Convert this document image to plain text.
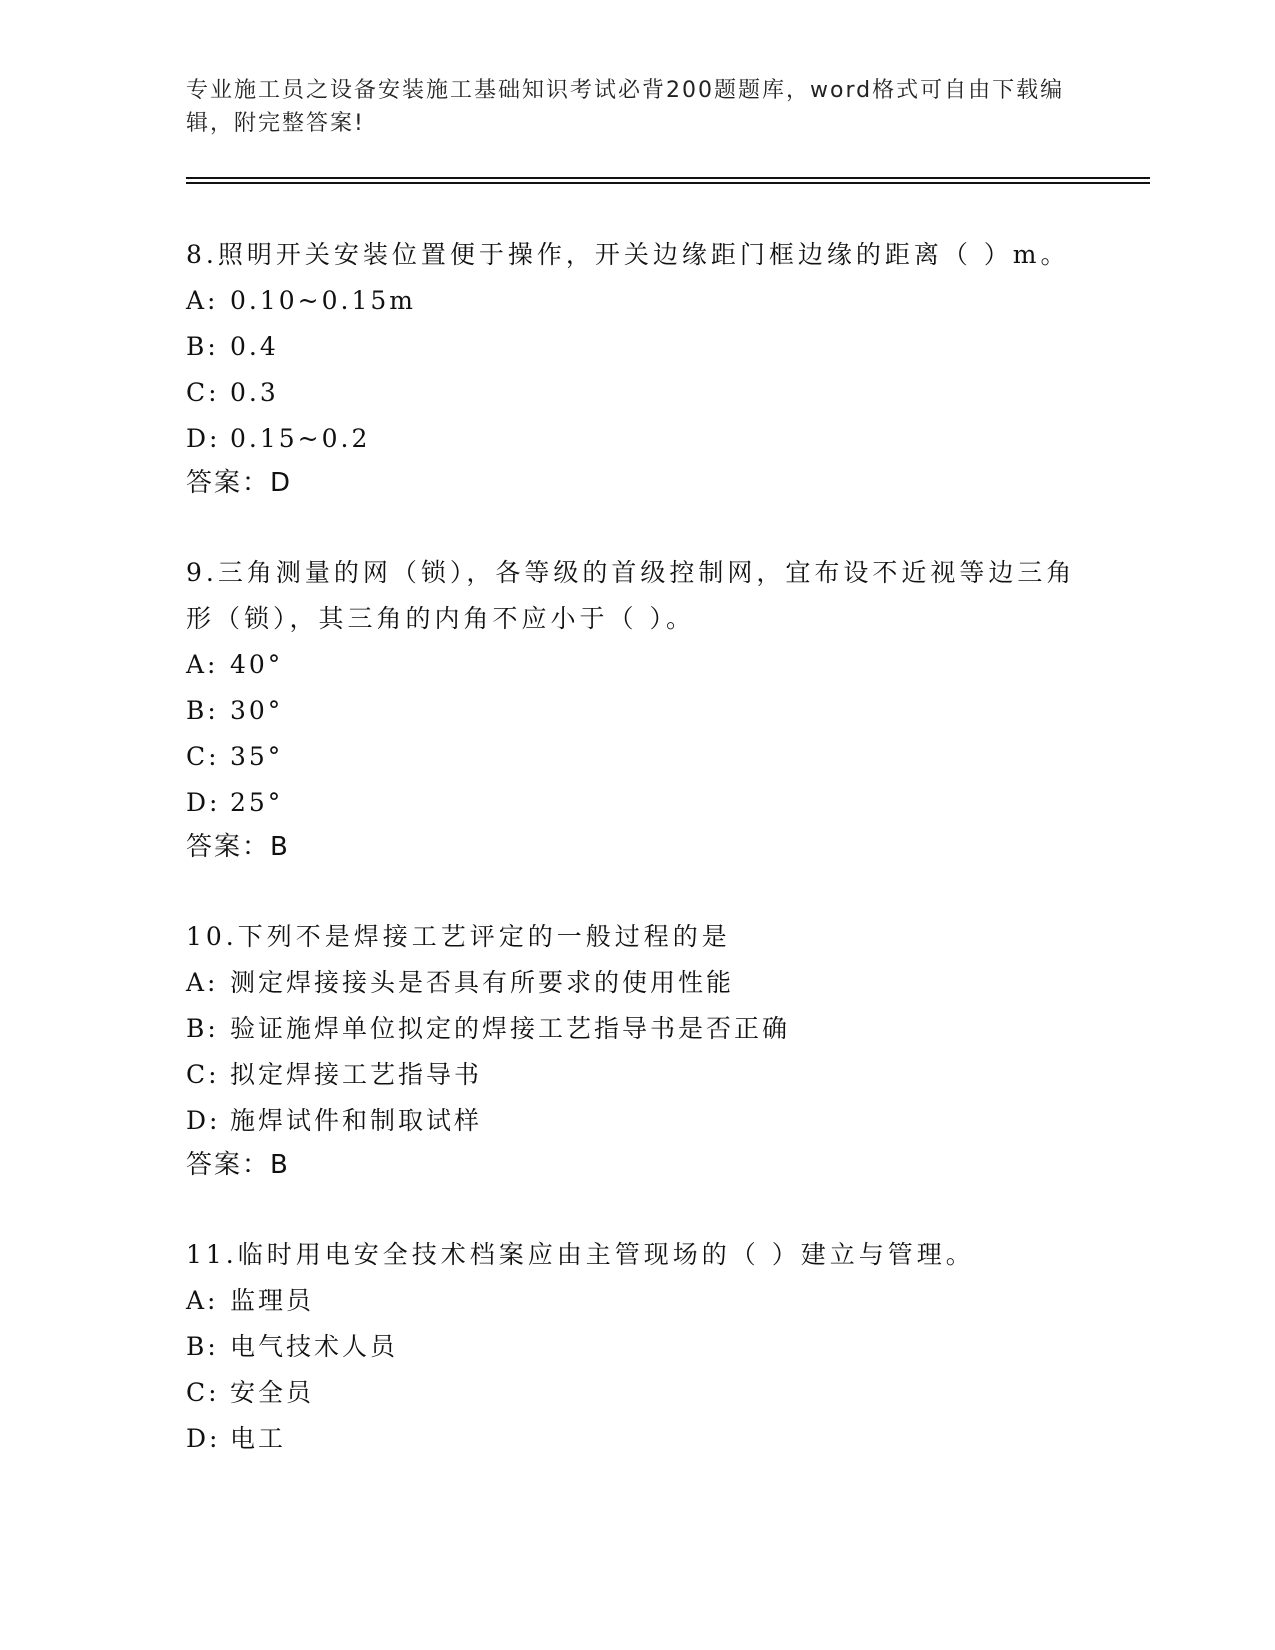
专业施工员之设备安装施工基础知识考试必背200题题库，word格式可自由下载编辑，附完整答案!
8.照明开关安装位置便于操作，开关边缘距门框边缘的距离（ ）m。
A: 0.10~0.15m
B: 0.4
C: 0.3
D: 0.15~0.2
答案：D
9.三角测量的网（锁），各等级的首级控制网，宜布设不近视等边三角形（锁），其三角的内角不应小于（ ）。
A: 40°
B: 30°
C: 35°
D: 25°
答案：B
10.下列不是焊接工艺评定的一般过程的是
A: 测定焊接接头是否具有所要求的使用性能
B: 验证施焊单位拟定的焊接工艺指导书是否正确
C: 拟定焊接工艺指导书
D: 施焊试件和制取试样
答案：B
11.临时用电安全技术档案应由主管现场的（ ）建立与管理。
A: 监理员
B: 电气技术人员
C: 安全员
D: 电工
